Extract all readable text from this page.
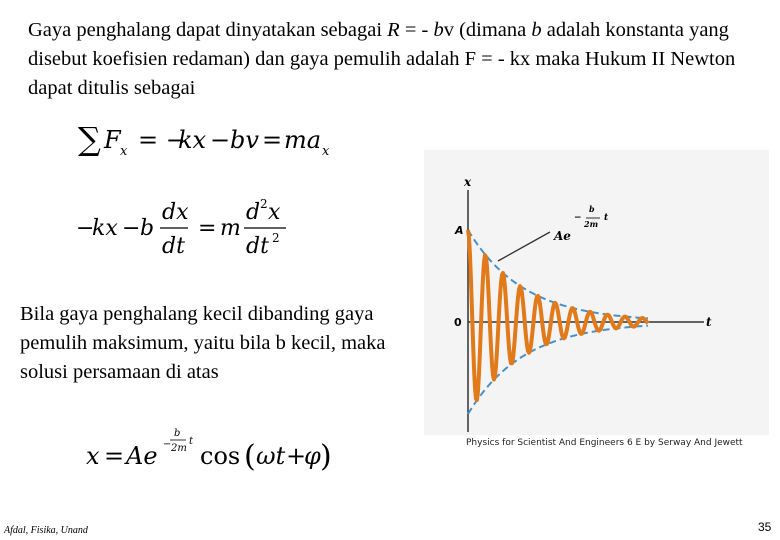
Gaya penghalang dapat dinyatakan sebagai R = - bv (dimana b adalah konstanta yang disebut koefisien redaman) dan gaya pemulih adalah F = - kx maka Hukum II Newton dapat ditulis sebagai
∑ F x = −
kx − bv = ma x
−
kx − b
dx
dt
= m
d 2 x
dt 2
x
t
A
0
Ae
b
2m
t
−
Bila gaya penghalang kecil dibanding gaya pemulih maksimum, yaitu bila b kecil, maka solusi persamaan di atas
x = Ae −
b
2m
t
cos ( ωt +
φ )	Physics for Scientist And Engineers 6 E by Serway And Jewett
Afdal, Fisika, Unand	35
